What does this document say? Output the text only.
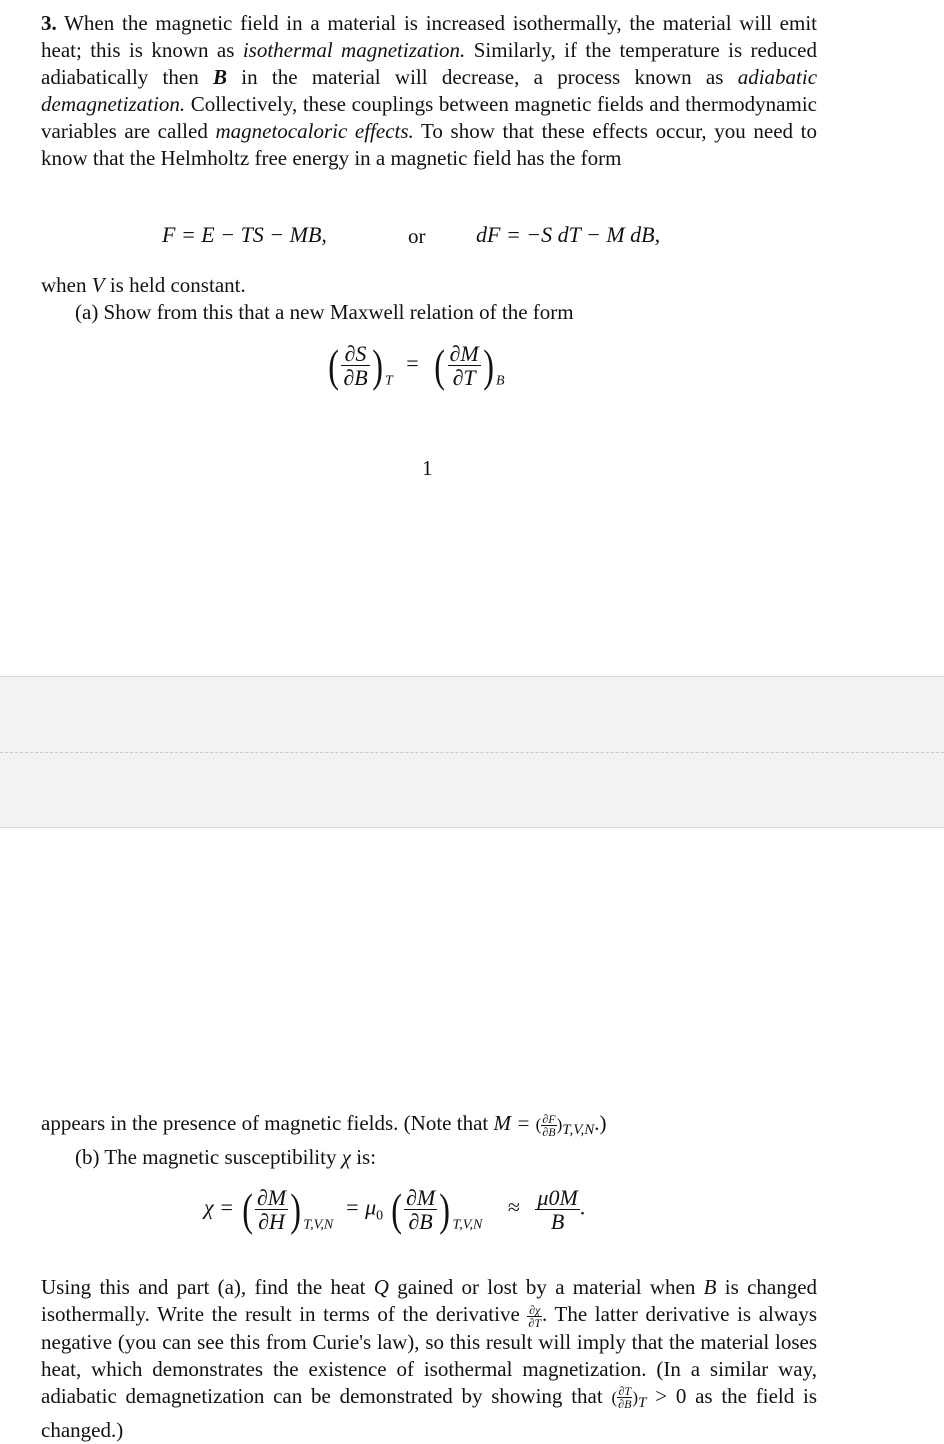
3. When the magnetic field in a material is increased isothermally, the material will emit heat; this is known as isothermal magnetization. Similarly, if the temperature is reduced adiabatically then B in the material will decrease, a process known as adiabatic demagnetization. Collectively, these couplings between magnetic fields and thermodynamic variables are called magnetocaloric effects. To show that these effects occur, you need to know that the Helmholtz free energy in a magnetic field has the form
F = E − TS − MB,	or dF = −S dT − M dB,
when V is held constant.
(a) Show from this that a new Maxwell relation of the form
( $\frac{\partial S}{\partial B}$ ) $_T$ = ( $\frac{\partial M}{\partial T}$ ) $_B$
1
appears in the presence of magnetic fields. (Note that M = ( $\frac{\partial F}{\partial B} )T,V,N$.)
(b) The magnetic susceptibility χ is:
χ = ( $\frac{\partial M}{\partial H}$ ) $_{T,V,N} = \mu_0$ ( $\frac{\partial M}{\partial B}$ ) $_{T,V,N} \approx \frac{\mu 0M}{B}$ .
Using this and part (a), find the heat Q gained or lost by a material when B is changed isothermally. Write the result in terms of the derivative $\frac{\partial\chi}{\partial T}$ . The latter derivative is always negative (you can see this from Curie's law), so this result will imply that the material loses heat, which demonstrates the existence of isothermal magnetization. (In a similar way, adiabatic demagnetization can be demonstrated by showing that ( $\frac{\partial T}{\partial B} )T > 0$ as the field is changed.)
